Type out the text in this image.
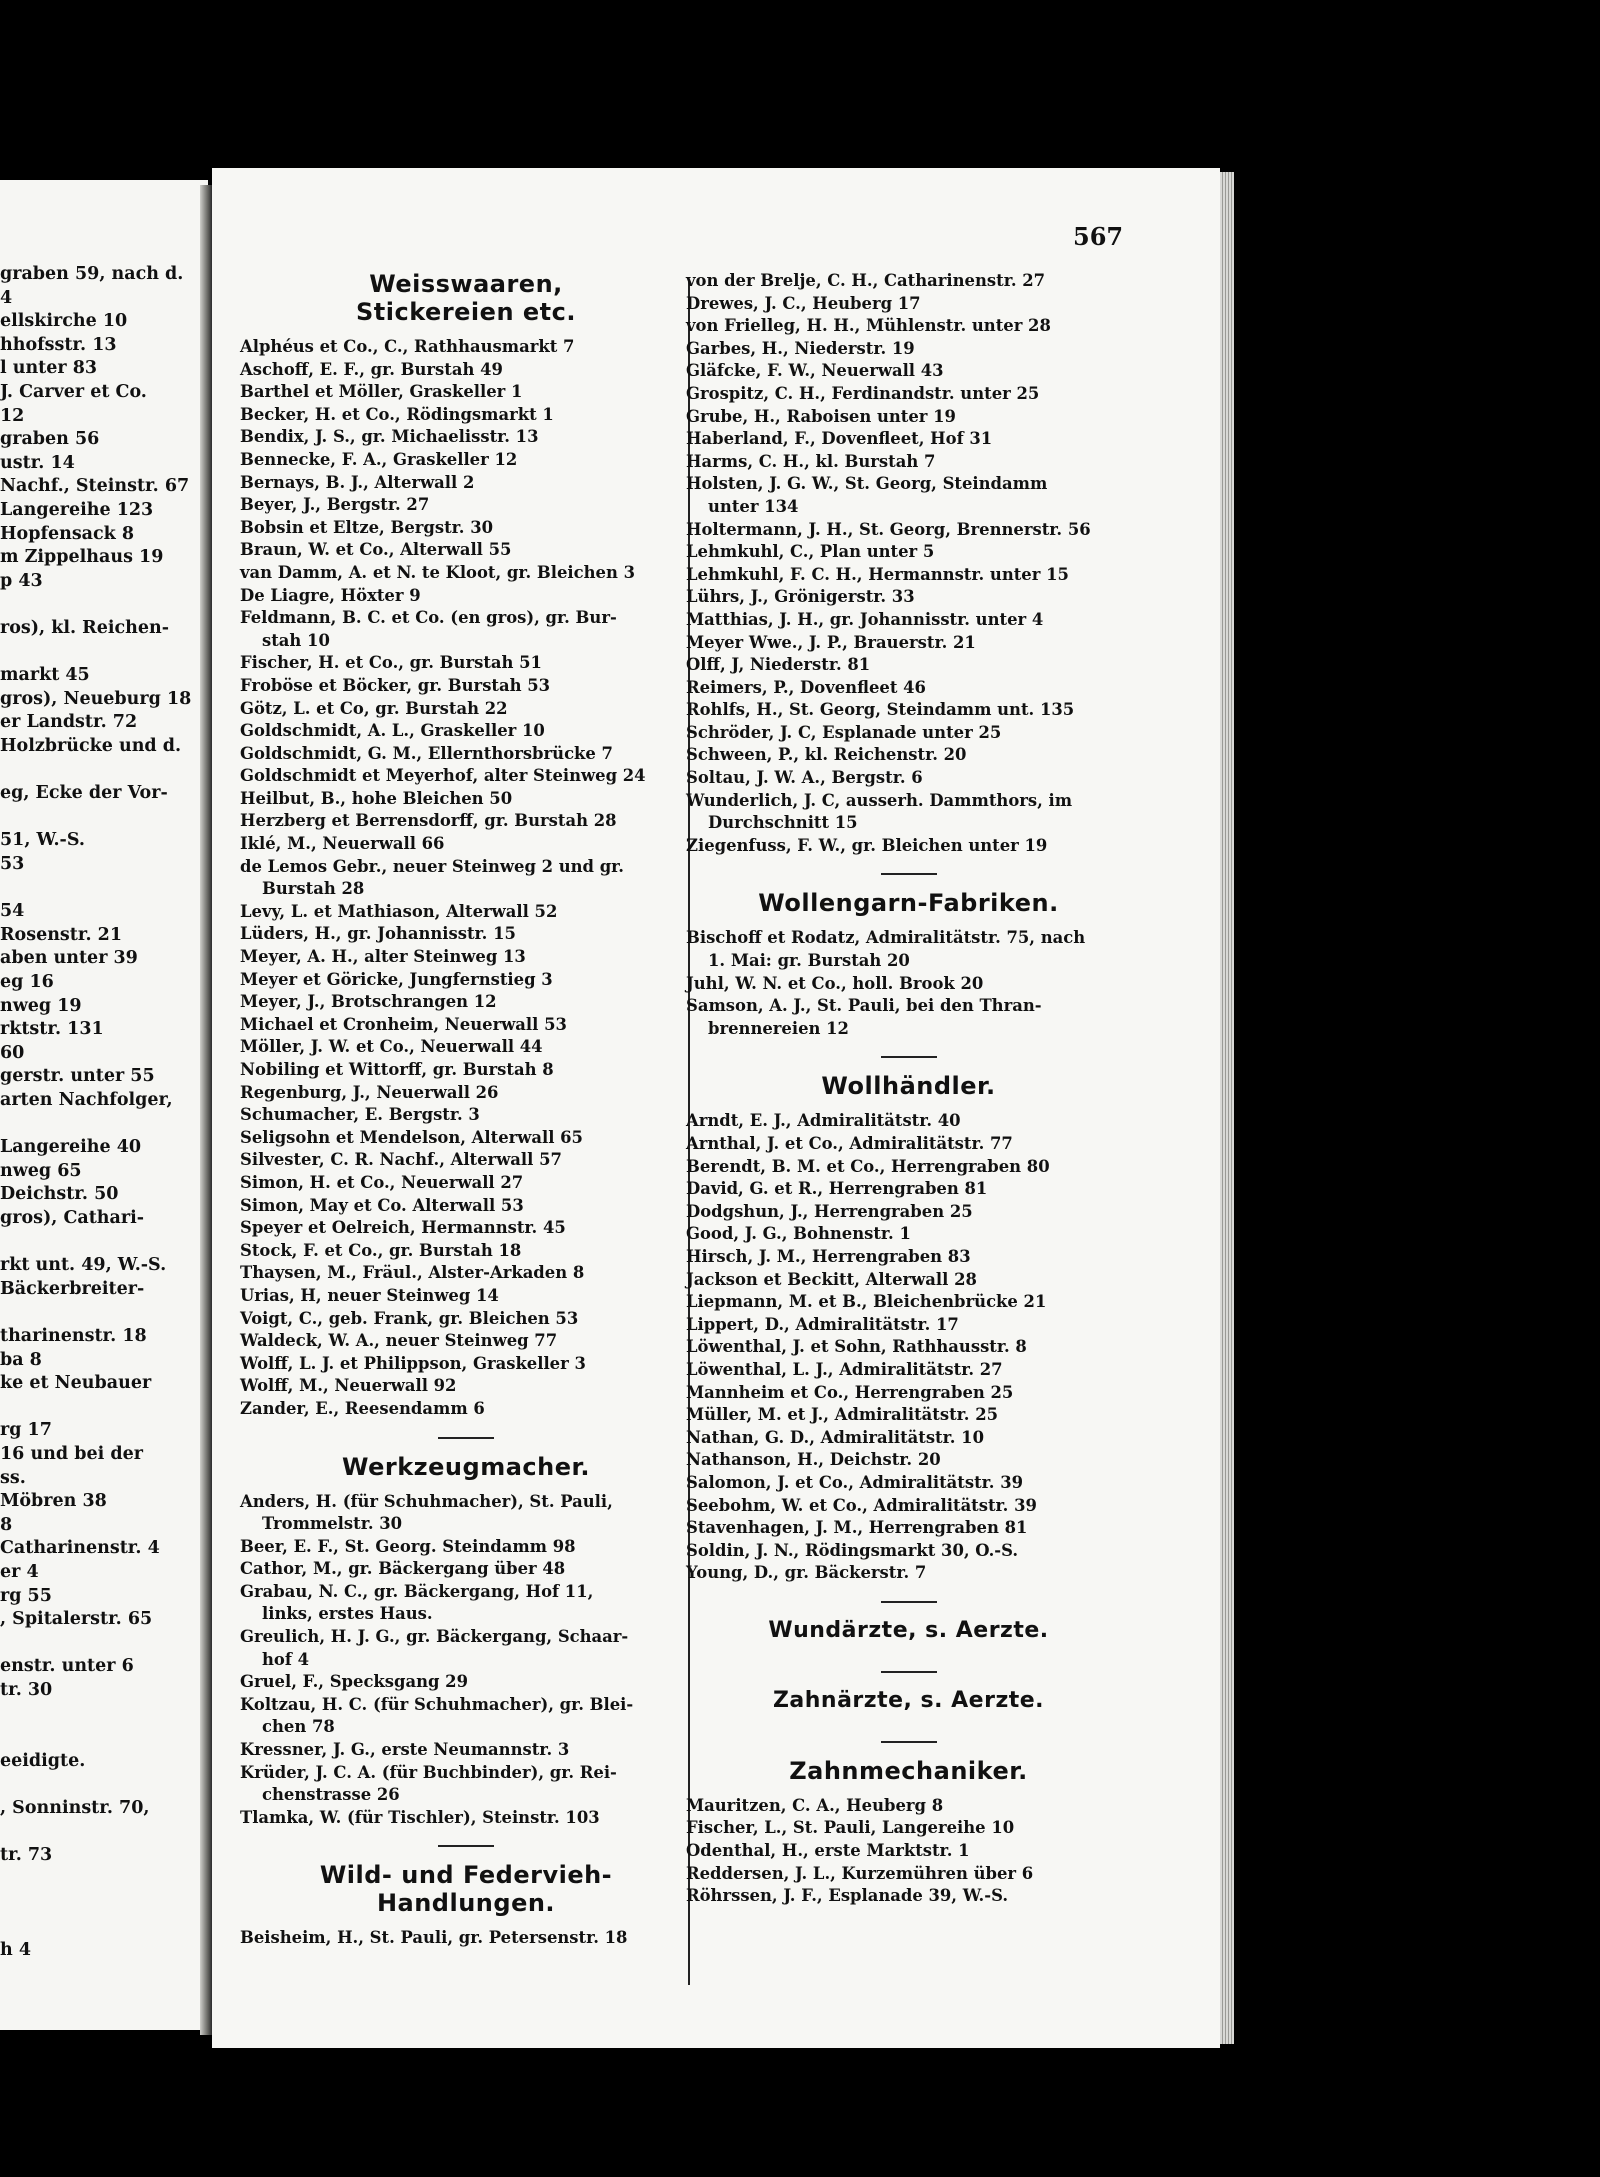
graben 59, nach d.
4
ellskirche 10
hhofsstr. 13
l unter 83
J. Carver et Co.
12
graben 56
ustr. 14
Nachf., Steinstr. 67
Langereihe 123
Hopfensack 8
m Zippelhaus 19
p 43
ros), kl. Reichen-
markt 45
gros), Neueburg 18
er Landstr. 72
Holzbrücke und d.
eg, Ecke der Vor-
51, W.-S.
53
54
Rosenstr. 21
aben unter 39
eg 16
nweg 19
rktstr. 131
60
gerstr. unter 55
arten Nachfolger,
Langereihe 40
nweg 65
Deichstr. 50
gros), Cathari-
rkt unt. 49, W.-S.
Bäckerbreiter-
tharinenstr. 18
ba 8
ke et Neubauer
rg 17
16 und bei der
ss.
Möbren 38
8
Catharinenstr. 4
er 4
rg 55
, Spitalerstr. 65
enstr. unter 6
tr. 30
eeidigte.
, Sonninstr. 70,
tr. 73
h 4
567
Weisswaaren,
Stickereien etc.
Alphéus et Co., C., Rathhausmarkt 7
Aschoff, E. F., gr. Burstah 49
Barthel et Möller, Graskeller 1
Becker, H. et Co., Rödingsmarkt 1
Bendix, J. S., gr. Michaelisstr. 13
Bennecke, F. A., Graskeller 12
Bernays, B. J., Alterwall 2
Beyer, J., Bergstr. 27
Bobsin et Eltze, Bergstr. 30
Braun, W. et Co., Alterwall 55
van Damm, A. et N. te Kloot, gr. Bleichen 3
De Liagre, Höxter 9
Feldmann, B. C. et Co. (en gros), gr. Bur-
stah 10
Fischer, H. et Co., gr. Burstah 51
Froböse et Böcker, gr. Burstah 53
Götz, L. et Co, gr. Burstah 22
Goldschmidt, A. L., Graskeller 10
Goldschmidt, G. M., Ellernthorsbrücke 7
Goldschmidt et Meyerhof, alter Steinweg 24
Heilbut, B., hohe Bleichen 50
Herzberg et Berrensdorff, gr. Burstah 28
Iklé, M., Neuerwall 66
de Lemos Gebr., neuer Steinweg 2 und gr.
Burstah 28
Levy, L. et Mathiason, Alterwall 52
Lüders, H., gr. Johannisstr. 15
Meyer, A. H., alter Steinweg 13
Meyer et Göricke, Jungfernstieg 3
Meyer, J., Brotschrangen 12
Michael et Cronheim, Neuerwall 53
Möller, J. W. et Co., Neuerwall 44
Nobiling et Wittorff, gr. Burstah 8
Regenburg, J., Neuerwall 26
Schumacher, E. Bergstr. 3
Seligsohn et Mendelson, Alterwall 65
Silvester, C. R. Nachf., Alterwall 57
Simon, H. et Co., Neuerwall 27
Simon, May et Co. Alterwall 53
Speyer et Oelreich, Hermannstr. 45
Stock, F. et Co., gr. Burstah 18
Thaysen, M., Fräul., Alster-Arkaden 8
Urias, H, neuer Steinweg 14
Voigt, C., geb. Frank, gr. Bleichen 53
Waldeck, W. A., neuer Steinweg 77
Wolff, L. J. et Philippson, Graskeller 3
Wolff, M., Neuerwall 92
Zander, E., Reesendamm 6
Werkzeugmacher.
Anders, H. (für Schuhmacher), St. Pauli,
Trommelstr. 30
Beer, E. F., St. Georg. Steindamm 98
Cathor, M., gr. Bäckergang über 48
Grabau, N. C., gr. Bäckergang, Hof 11,
links, erstes Haus.
Greulich, H. J. G., gr. Bäckergang, Schaar-
hof 4
Gruel, F., Specksgang 29
Koltzau, H. C. (für Schuhmacher), gr. Blei-
chen 78
Kressner, J. G., erste Neumannstr. 3
Krüder, J. C. A. (für Buchbinder), gr. Rei-
chenstrasse 26
Tlamka, W. (für Tischler), Steinstr. 103
Wild- und Federvieh-
Handlungen.
Beisheim, H., St. Pauli, gr. Petersenstr. 18
von der Brelje, C. H., Catharinenstr. 27
Drewes, J. C., Heuberg 17
von Frielleg, H. H., Mühlenstr. unter 28
Garbes, H., Niederstr. 19
Gläfcke, F. W., Neuerwall 43
Grospitz, C. H., Ferdinandstr. unter 25
Grube, H., Raboisen unter 19
Haberland, F., Dovenfleet, Hof 31
Harms, C. H., kl. Burstah 7
Holsten, J. G. W., St. Georg, Steindamm
unter 134
Holtermann, J. H., St. Georg, Brennerstr. 56
Lehmkuhl, C., Plan unter 5
Lehmkuhl, F. C. H., Hermannstr. unter 15
Lührs, J., Grönigerstr. 33
Matthias, J. H., gr. Johannisstr. unter 4
Meyer Wwe., J. P., Brauerstr. 21
Olff, J, Niederstr. 81
Reimers, P., Dovenfleet 46
Rohlfs, H., St. Georg, Steindamm unt. 135
Schröder, J. C, Esplanade unter 25
Schween, P., kl. Reichenstr. 20
Soltau, J. W. A., Bergstr. 6
Wunderlich, J. C, ausserh. Dammthors, im
Durchschnitt 15
Ziegenfuss, F. W., gr. Bleichen unter 19
Wollengarn-Fabriken.
Bischoff et Rodatz, Admiralitätstr. 75, nach
1. Mai: gr. Burstah 20
Juhl, W. N. et Co., holl. Brook 20
Samson, A. J., St. Pauli, bei den Thran-
brennereien 12
Wollhändler.
Arndt, E. J., Admiralitätstr. 40
Arnthal, J. et Co., Admiralitätstr. 77
Berendt, B. M. et Co., Herrengraben 80
David, G. et R., Herrengraben 81
Dodgshun, J., Herrengraben 25
Good, J. G., Bohnenstr. 1
Hirsch, J. M., Herrengraben 83
Jackson et Beckitt, Alterwall 28
Liepmann, M. et B., Bleichenbrücke 21
Lippert, D., Admiralitätstr. 17
Löwenthal, J. et Sohn, Rathhausstr. 8
Löwenthal, L. J., Admiralitätstr. 27
Mannheim et Co., Herrengraben 25
Müller, M. et J., Admiralitätstr. 25
Nathan, G. D., Admiralitätstr. 10
Nathanson, H., Deichstr. 20
Salomon, J. et Co., Admiralitätstr. 39
Seebohm, W. et Co., Admiralitätstr. 39
Stavenhagen, J. M., Herrengraben 81
Soldin, J. N., Rödingsmarkt 30, O.-S.
Young, D., gr. Bäckerstr. 7
Wundärzte, s. Aerzte.
Zahnärzte, s. Aerzte.
Zahnmechaniker.
Mauritzen, C. A., Heuberg 8
Fischer, L., St. Pauli, Langereihe 10
Odenthal, H., erste Marktstr. 1
Reddersen, J. L., Kurzemühren über 6
Röhrssen, J. F., Esplanade 39, W.-S.
